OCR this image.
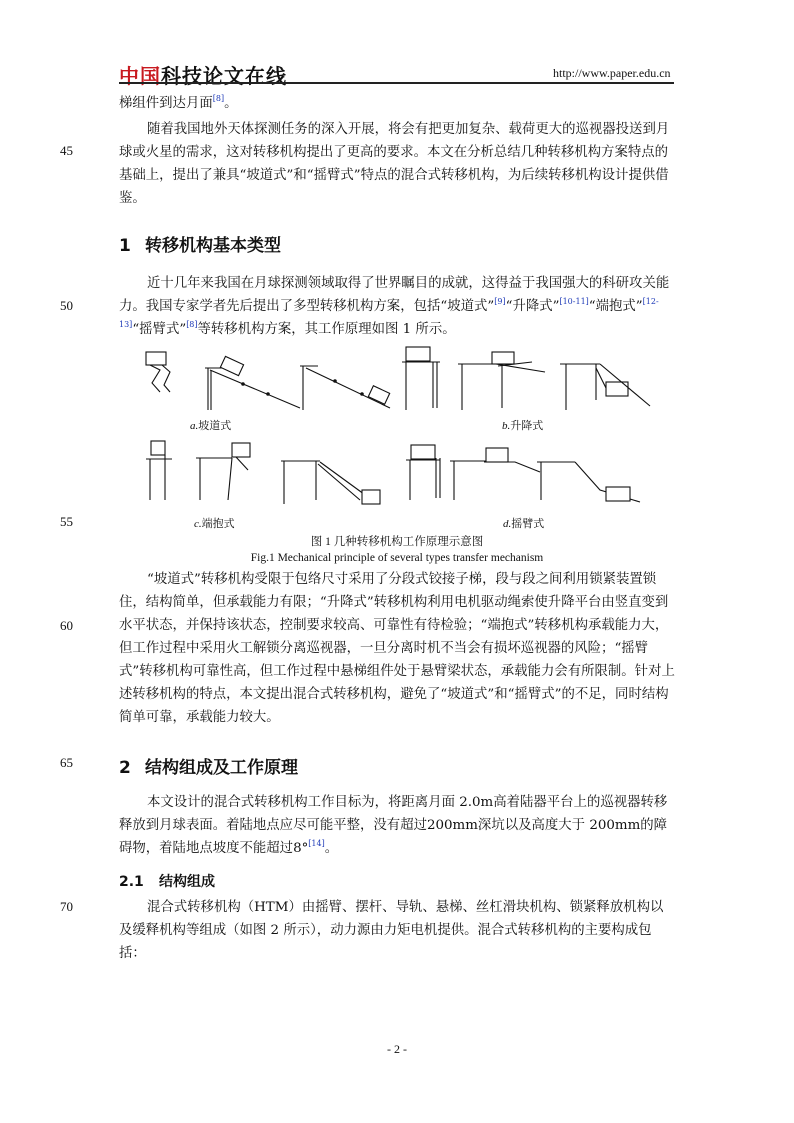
中国科技论文在线	http://www.paper.edu.cn
45
50
55
60
65
70
梯组件到达月面[8]。
随着我国地外天体探测任务的深入开展，将会有把更加复杂、载荷更大的巡视器投送到月球或火星的需求，这对转移机构提出了更高的要求。本文在分析总结几种转移机构方案特点的基础上，提出了兼具“坡道式”和“摇臂式”特点的混合式转移机构，为后续转移机构设计提供借鉴。
1 转移机构基本类型
近十几年来我国在月球探测领域取得了世界瞩目的成就，这得益于我国强大的科研攻关能力。我国专家学者先后提出了多型转移机构方案，包括“坡道式”[9]“升降式”[10-11]“端抱式”[12-13]“摇臂式”[8]等转移机构方案，其工作原理如图 1 所示。
a.坡道式	b.升降式
c.端抱式	d.摇臂式
图 1 几种转移机构工作原理示意图
Fig.1 Mechanical principle of several types transfer mechanism
“坡道式”转移机构受限于包络尺寸采用了分段式铰接子梯，段与段之间利用锁紧装置锁住，结构简单，但承载能力有限；“升降式”转移机构利用电机驱动绳索使升降平台由竖直变到水平状态，并保持该状态，控制要求较高、可靠性有待检验；“端抱式”转移机构承载能力大，但工作过程中采用火工解锁分离巡视器，一旦分离时机不当会有损坏巡视器的风险；“摇臂式”转移机构可靠性高，但工作过程中悬梯组件处于悬臂梁状态，承载能力会有所限制。针对上述转移机构的特点，本文提出混合式转移机构，避免了“坡道式”和“摇臂式”的不足，同时结构简单可靠，承载能力较大。
2 结构组成及工作原理
本文设计的混合式转移机构工作目标为，将距离月面 2.0m高着陆器平台上的巡视器转移释放到月球表面。着陆地点应尽可能平整，没有超过200mm深坑以及高度大于 200mm的障碍物，着陆地点坡度不能超过8°[14]。
2.1 结构组成
混合式转移机构（HTM）由摇臂、摆杆、导轨、悬梯、丝杠滑块机构、锁紧释放机构以及缓释机构等组成（如图 2 所示），动力源由力矩电机提供。混合式转移机构的主要构成包括：
- 2 -
